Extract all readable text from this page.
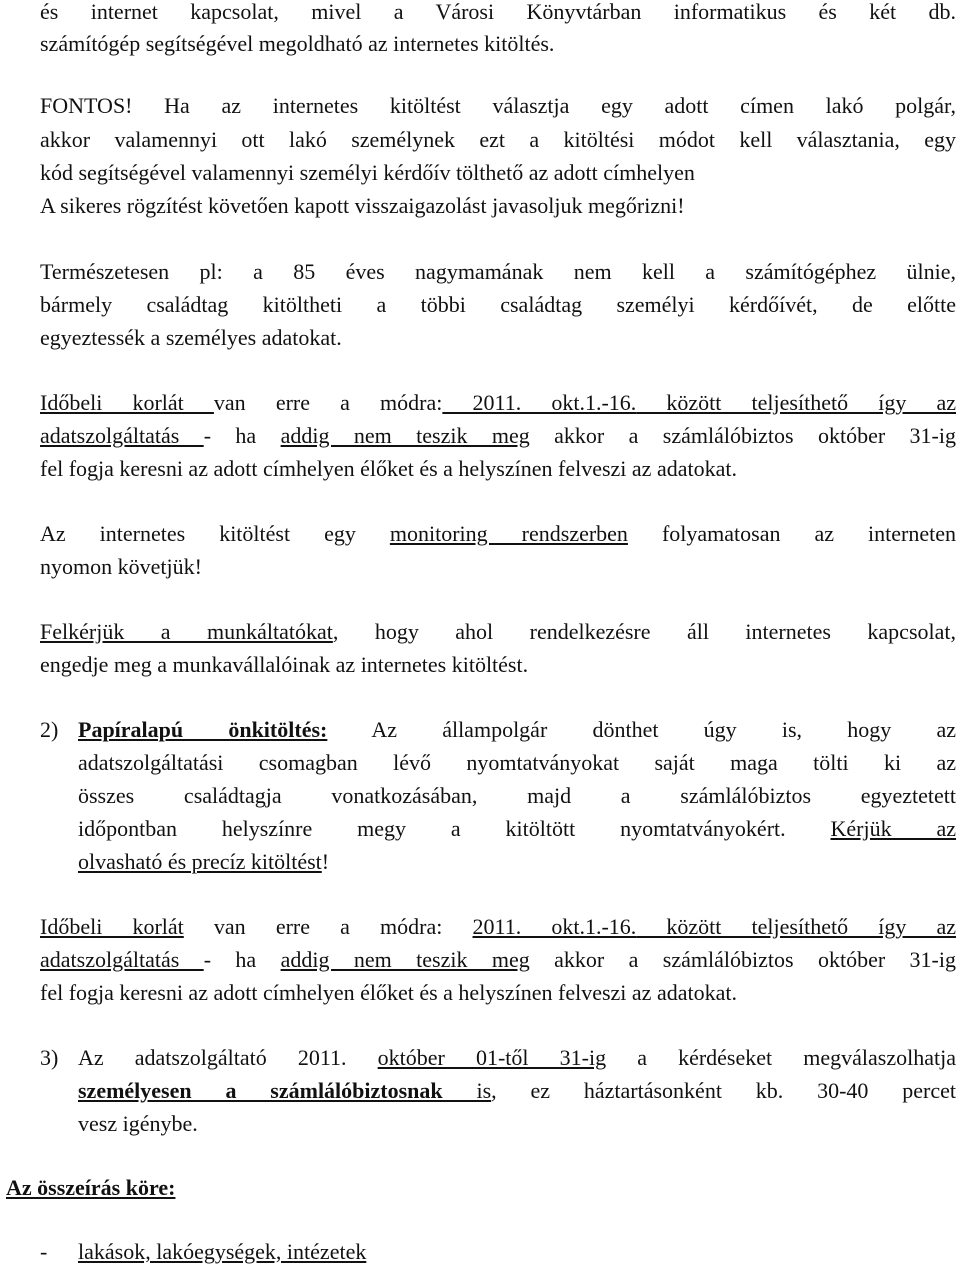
és internet kapcsolat, mivel a Városi Könyvtárban informatikus és két db.
számítógép segítségével megoldható az internetes kitöltés.
FONTOS! Ha az internetes kitöltést választja egy adott címen lakó polgár,
akkor valamennyi ott lakó személynek ezt a kitöltési módot kell választania, egy
kód segítségével valamennyi személyi kérdőív tölthető az adott címhelyen
A sikeres rögzítést követően kapott visszaigazolást javasoljuk megőrizni!
Természetesen pl: a 85 éves nagymamának nem kell a számítógéphez ülnie,
bármely családtag kitöltheti a többi családtag személyi kérdőívét, de előtte
egyeztessék a személyes adatokat.
Időbeli korlát van erre a módra: 2011. okt.1.-16. között teljesíthető így az
adatszolgáltatás - ha addig nem teszik meg akkor a számlálóbiztos október 31-ig
fel fogja keresni az adott címhelyen élőket és a helyszínen felveszi az adatokat.
Az internetes kitöltést egy monitoring rendszerben folyamatosan az interneten
nyomon követjük!
Felkérjük a munkáltatókat, hogy ahol rendelkezésre áll internetes kapcsolat,
engedje meg a munkavállalóinak az internetes kitöltést.
2) Papíralapú önkitöltés: Az állampolgár dönthet úgy is, hogy az
adatszolgáltatási csomagban lévő nyomtatványokat saját maga tölti ki az
összes családtagja vonatkozásában, majd a számlálóbiztos egyeztetett
időpontban helyszínre megy a kitöltött nyomtatványokért. Kérjük az
olvasható és precíz kitöltést!
Időbeli korlát van erre a módra: 2011. okt.1.-16. között teljesíthető így az
adatszolgáltatás - ha addig nem teszik meg akkor a számlálóbiztos október 31-ig
fel fogja keresni az adott címhelyen élőket és a helyszínen felveszi az adatokat.
3) Az adatszolgáltató 2011. október 01-től 31-ig a kérdéseket megválaszolhatja
személyesen a számlálóbiztosnak is, ez háztartásonként kb. 30-40 percet
vesz igénybe.
Az összeírás köre:
- lakások, lakóegységek, intézetek
